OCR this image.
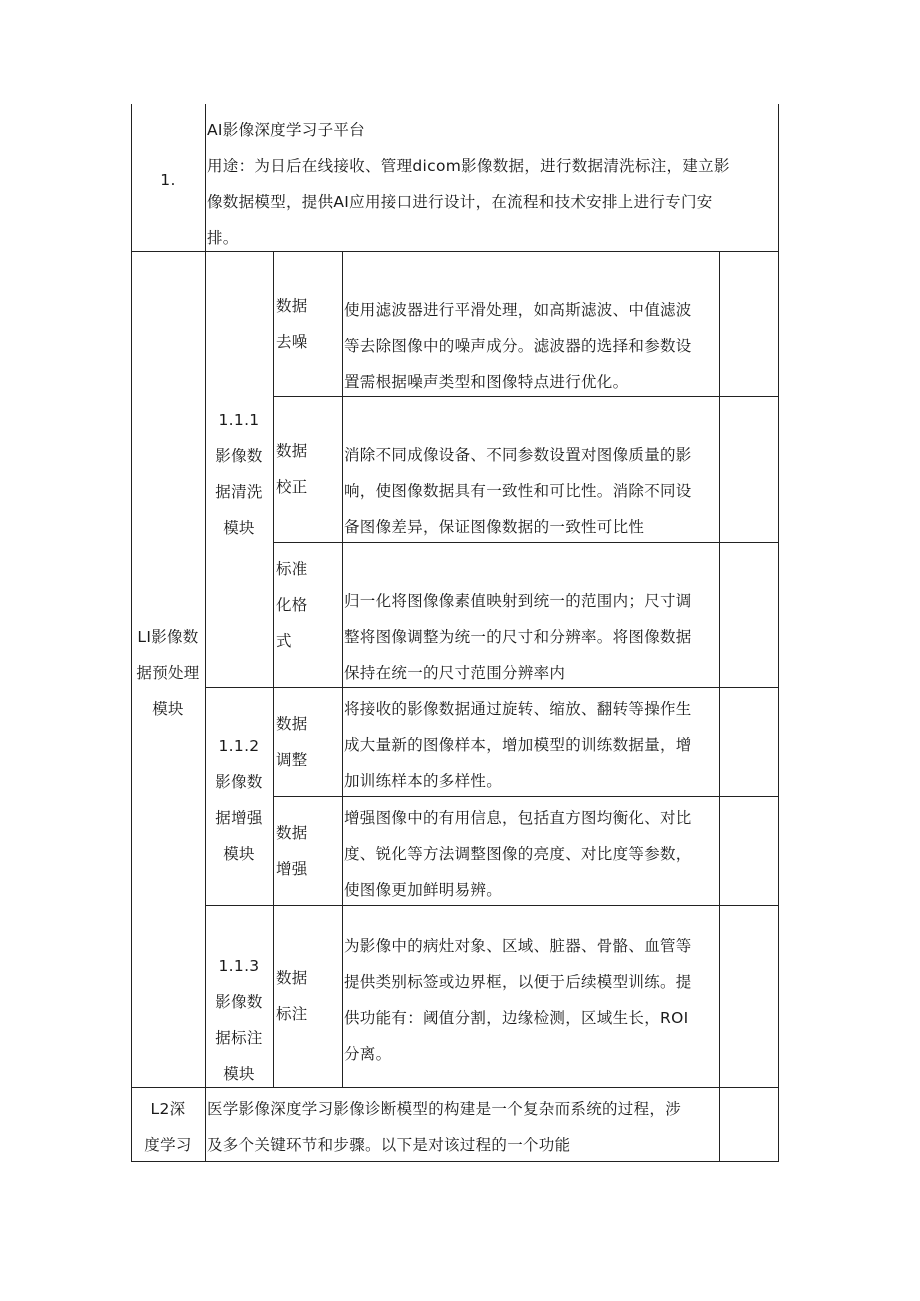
1.

AI影像深度学习子平台

用途：为日后在线接收、管理dicom影像数据，进行数据清洗标注，建立影

像数据模型，提供AI应用接口进行设计，在流程和技术安排上进行专门安

排。

LI影像数

据预处理

模块

1.1.1

影像数

据清洗

模块

数据

去噪

使用滤波器进行平滑处理，如高斯滤波、中值滤波

等去除图像中的噪声成分。滤波器的选择和参数设

置需根据噪声类型和图像特点进行优化。

数据

校正

消除不同成像设备、不同参数设置对图像质量的影

响，使图像数据具有一致性和可比性。消除不同设

备图像差异，保证图像数据的一致性可比性

标准

化格

式

归一化将图像像素值映射到统一的范围内；尺寸调

整将图像调整为统一的尺寸和分辨率。将图像数据

保持在统一的尺寸范围分辨率内

1.1.2

影像数

据增强

模块

数据

调整

将接收的影像数据通过旋转、缩放、翻转等操作生

成大量新的图像样本，增加模型的训练数据量，增

加训练样本的多样性。

数据

增强

增强图像中的有用信息，包括直方图均衡化、对比

度、锐化等方法调整图像的亮度、对比度等参数，

使图像更加鲜明易辨。

1.1.3

影像数

据标注

模块

数据

标注

为影像中的病灶对象、区域、脏器、骨骼、血管等

提供类别标签或边界框，以便于后续模型训练。提

供功能有：阈值分割，边缘检测，区域生长，ROI

分离。

L2深

度学习

医学影像深度学习影像诊断模型的构建是一个复杂而系统的过程，涉

及多个关键环节和步骤。以下是对该过程的一个功能
